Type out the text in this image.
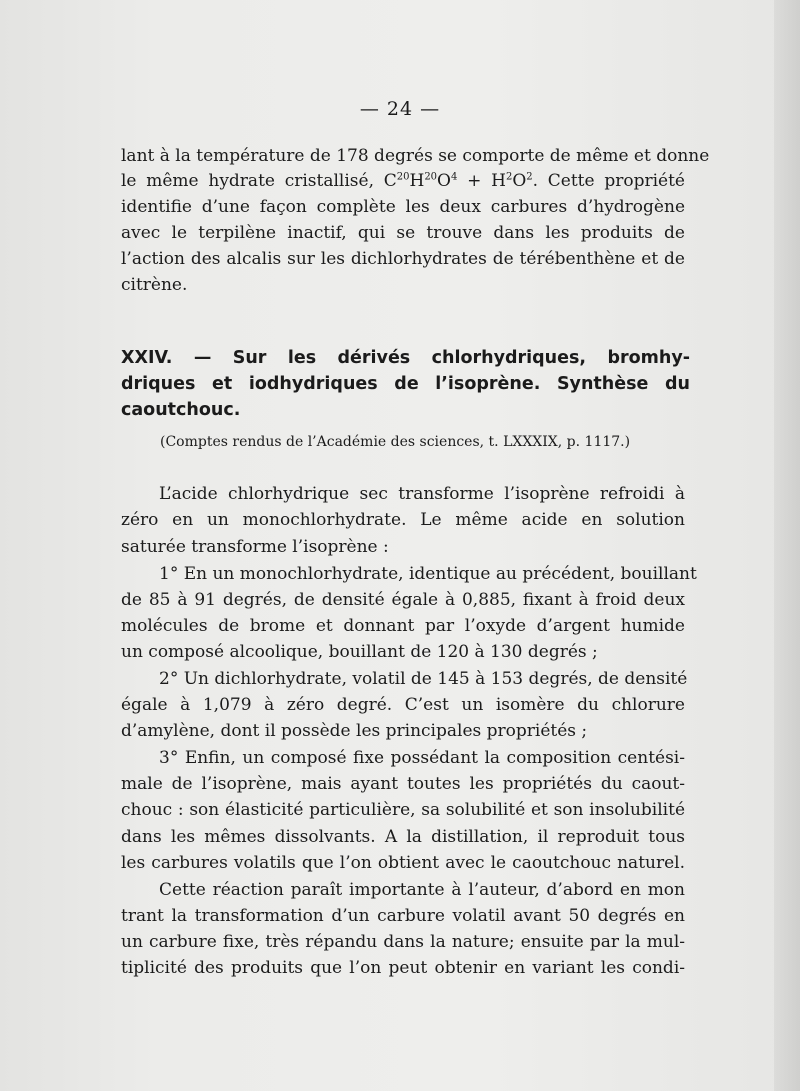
— 24 —
lant à la température de 178 degrés se comporte de même et donne
le même hydrate cristallisé, $C^{20}H^{20}O^4 + H^2O^2$. Cette propriété
identifie d’une façon complète les deux carbures d’hydrogène
avec le terpilène inactif, qui se trouve dans les produits de
l’action des alcalis sur les dichlorhydrates de térébenthène et de
citrène.
XXIV. — Sur les dérivés chlorhydriques, bromhy-
driques et iodhydriques de l’isoprène. Synthèse du
caoutchouc.
(Comptes rendus de l’Académie des sciences, t. LXXXIX, p. 1117.)
L’acide chlorhydrique sec transforme l’isoprène refroidi à
zéro en un monochlorhydrate. Le même acide en solution
saturée transforme l’isoprène :
1° En un monochlorhydrate, identique au précédent, bouillant
de 85 à 91 degrés, de densité égale à 0,885, fixant à froid deux
molécules de brome et donnant par l’oxyde d’argent humide
un composé alcoolique, bouillant de 120 à 130 degrés ;
2° Un dichlorhydrate, volatil de 145 à 153 degrés, de densité
égale à 1,079 à zéro degré. C’est un isomère du chlorure
d’amylène, dont il possède les principales propriétés ;
3° Enfin, un composé fixe possédant la composition centési-
male de l’isoprène, mais ayant toutes les propriétés du caout-
chouc : son élasticité particulière, sa solubilité et son insolubilité
dans les mêmes dissolvants. A la distillation, il reproduit tous
les carbures volatils que l’on obtient avec le caoutchouc naturel.
Cette réaction paraît importante à l’auteur, d’abord en mon
trant la transformation d’un carbure volatil avant 50 degrés en
un carbure fixe, très répandu dans la nature; ensuite par la mul-
tiplicité des produits que l’on peut obtenir en variant les condi-
